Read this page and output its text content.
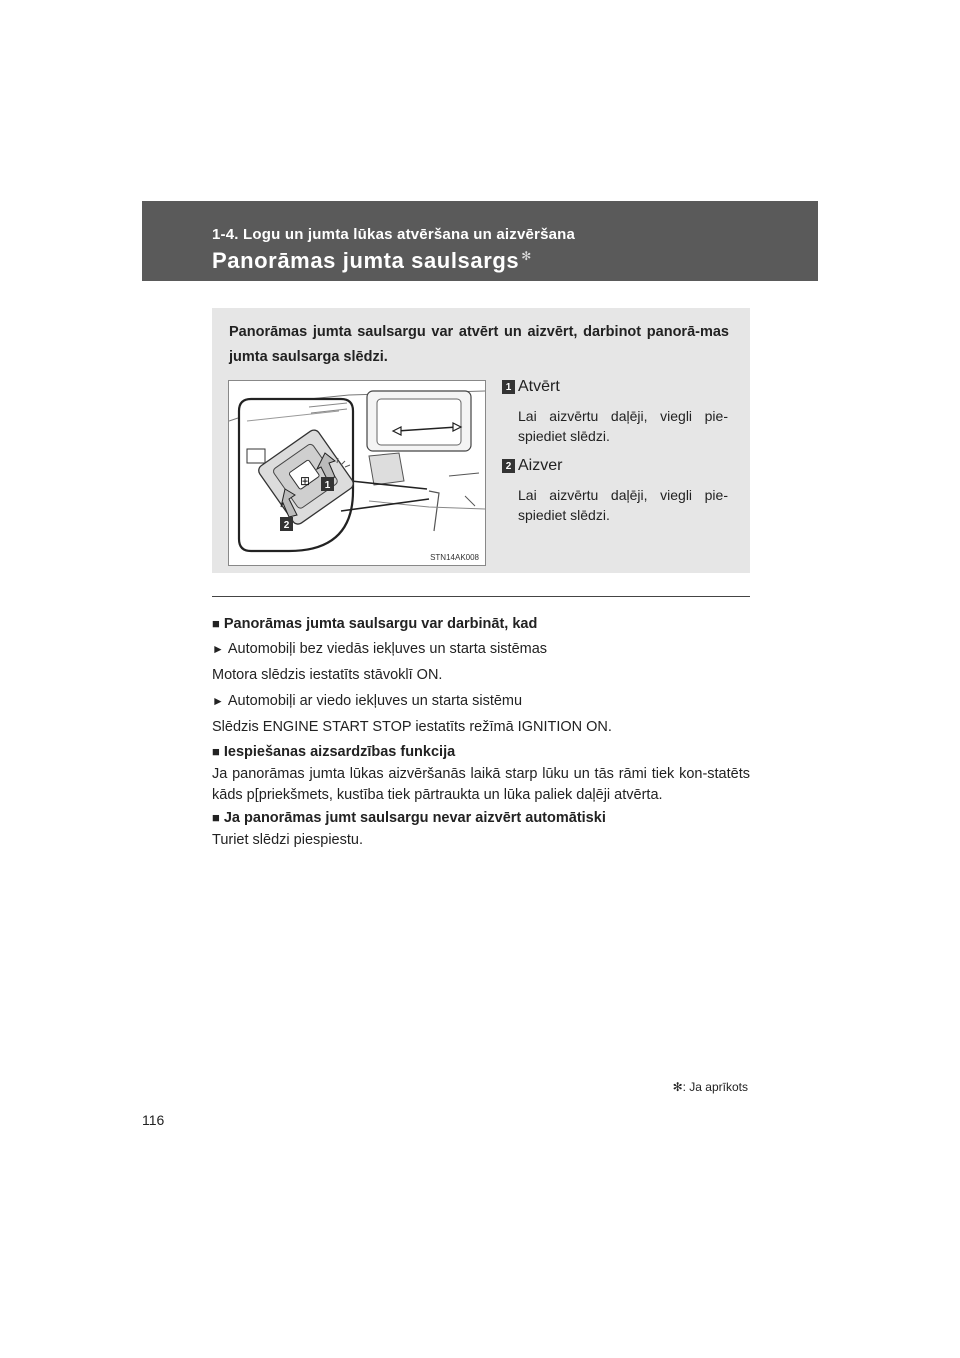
1-4. Logu un jumta lūkas atvēršana un aizvēršana
Panorāmas jumta saulsargs ✻
Panorāmas jumta saulsargu var atvērt un aizvērt, darbinot panorā-mas jumta saulsarga slēdzi.
⊞ 1
2
STN14AK008
1 Atvērt
Lai aizvērtu daļēji, viegli pie-spiediet slēdzi.
2 Aizver
Lai aizvērtu daļēji, viegli pie-spiediet slēdzi.

■ Panorāmas jumta saulsargu var darbināt, kad

► Automobiļi bez viedās iekļuves un starta sistēmas

Motora slēdzis iestatīts stāvoklī ON.

► Automobiļi ar viedo iekļuves un starta sistēmu

Slēdzis ENGINE START STOP iestatīts režīmā IGNITION ON.

■ Iespiešanas aizsardzības funkcija

Ja panorāmas jumta lūkas aizvēršanās laikā starp lūku un tās rāmi tiek kon-statēts kāds p[priekšmets, kustība tiek pārtraukta un lūka paliek daļēji atvērta.

■ Ja panorāmas jumt saulsargu nevar aizvērt automātiski

Turiet slēdzi piespiestu.

✻: Ja aprīkots
116
